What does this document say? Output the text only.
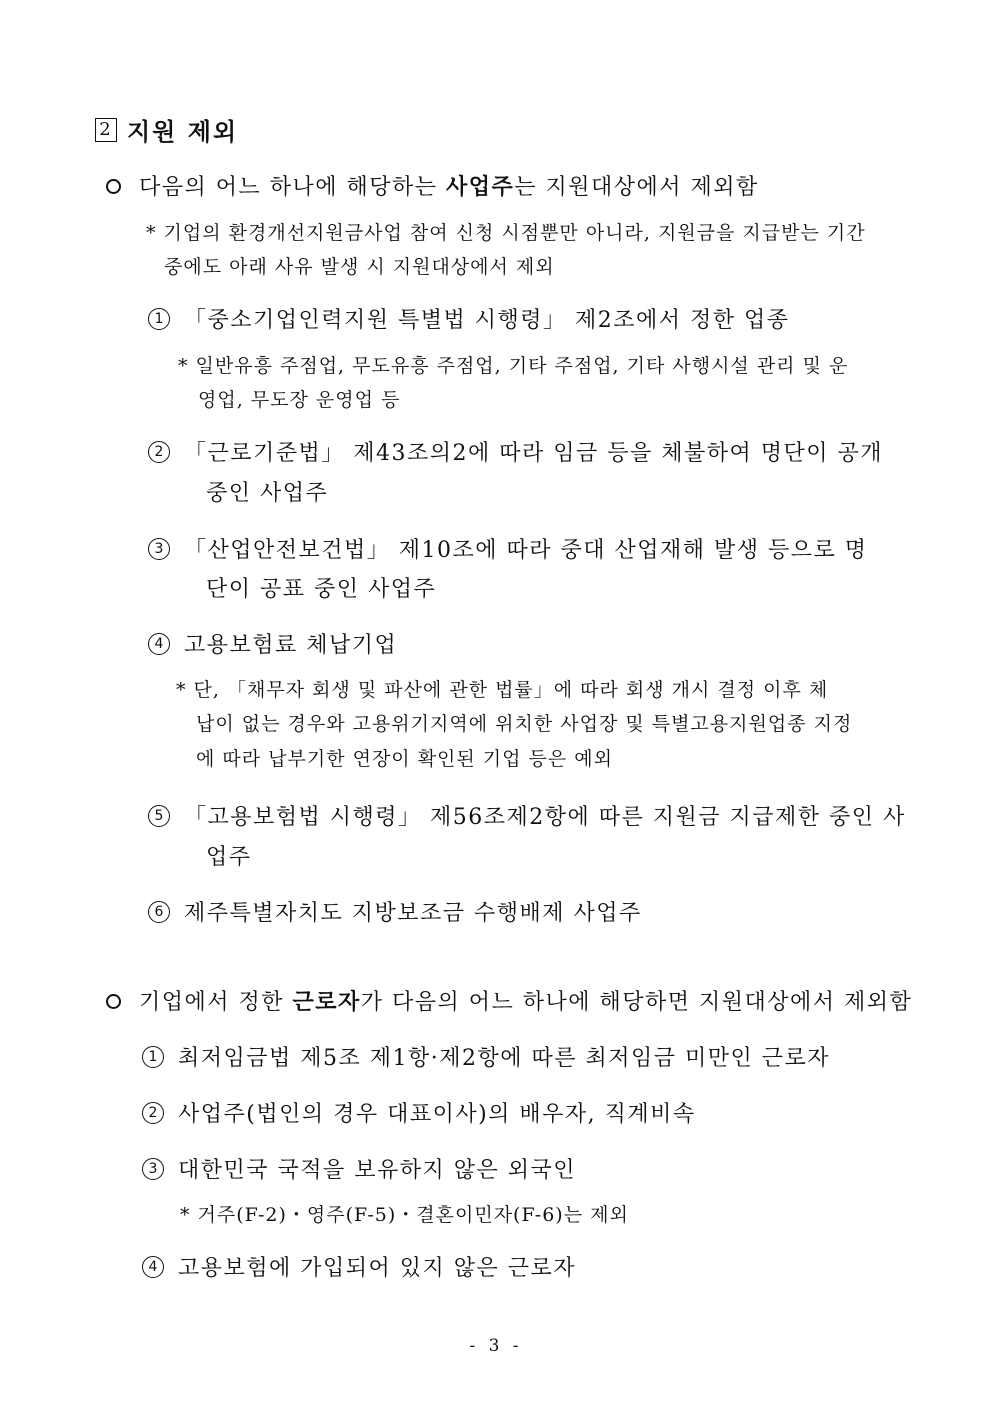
2 지원 제외
다음의 어느 하나에 해당하는 사업주는 지원대상에서 제외함
* 기업의 환경개선지원금사업 참여 신청 시점뿐만 아니라, 지원금을 지급받는 기간
중에도 아래 사유 발생 시 지원대상에서 제외
1 「중소기업인력지원 특별법 시행령」 제2조에서 정한 업종
* 일반유흥 주점업, 무도유흥 주점업, 기타 주점업, 기타 사행시설 관리 및 운
영업, 무도장 운영업 등
2 「근로기준법」 제43조의2에 따라 임금 등을 체불하여 명단이 공개
중인 사업주
3 「산업안전보건법」 제10조에 따라 중대 산업재해 발생 등으로 명
단이 공표 중인 사업주
4 고용보험료 체납기업
* 단, 「채무자 회생 및 파산에 관한 법률」에 따라 회생 개시 결정 이후 체
납이 없는 경우와 고용위기지역에 위치한 사업장 및 특별고용지원업종 지정
에 따라 납부기한 연장이 확인된 기업 등은 예외
5 「고용보험법 시행령」 제56조제2항에 따른 지원금 지급제한 중인 사
업주
6 제주특별자치도 지방보조금 수행배제 사업주
기업에서 정한 근로자가 다음의 어느 하나에 해당하면 지원대상에서 제외함
1 최저임금법 제5조 제1항·제2항에 따른 최저임금 미만인 근로자
2 사업주(법인의 경우 대표이사)의 배우자, 직계비속
3 대한민국 국적을 보유하지 않은 외국인
* 거주(F-2)・영주(F-5)・결혼이민자(F-6)는 제외
4 고용보험에 가입되어 있지 않은 근로자
- 3 -
